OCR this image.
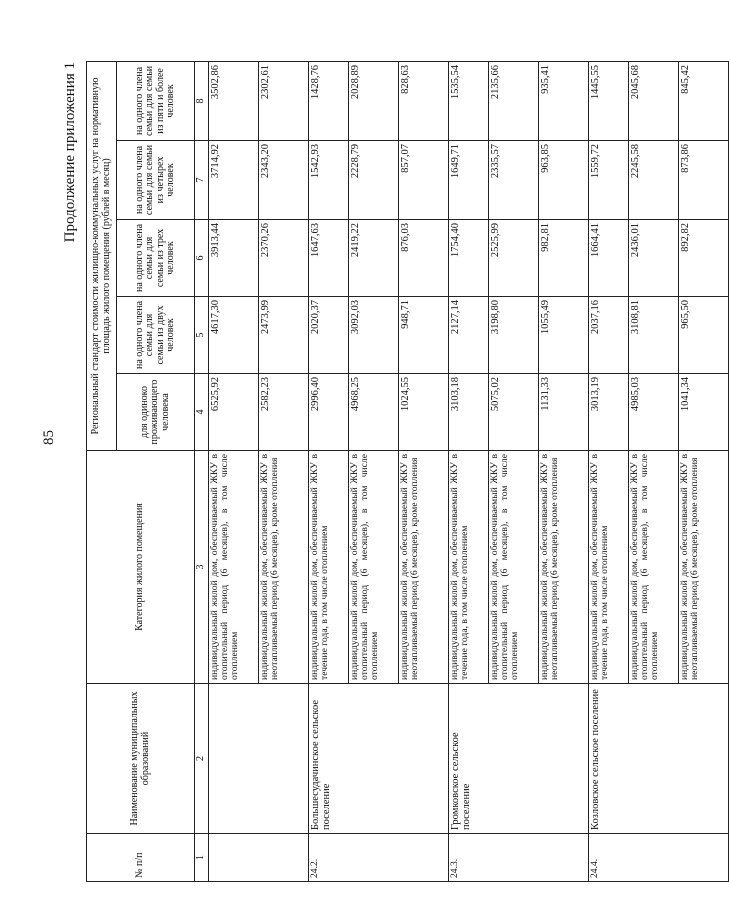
85
Продолжение приложения 1
№ п/п	Наименование муниципальных образований	Категория жилого помещения	Региональный стандарт стоимости жилищно-коммунальных услуг на нормативную площадь жилого помещения (рублей в месяц)				
			для одиноко проживающего человека	на одного члена семьи для семьи из двух человек	на одного члена семьи для семьи из трех человек	на одного члена семьи для семьи из четырех человек	на одного члена семьи для семьи из пяти и более человек

1	2	3	4	5	6	7	8
		индивидуальный жилой дом, обеспечиваемый ЖКУ в отопительный период (6 месяцев), в том числе отоплением	6525,92	4617,30	3913,44	3714,92	3502,86
		индивидуальный жилой дом, обеспечиваемый ЖКУ в неотапливаемый период (6 месяцев), кроме отопления	2582,23	2473,99	2370,26	2343,20	2302,61
24.2.	Большесудачинское сельское поселение	индивидуальный жилой дом, обеспечиваемый ЖКУ в течение года, в том числе отоплением	2996,40	2020,37	1647,63	1542,93	1428,76
		индивидуальный жилой дом, обеспечиваемый ЖКУ в отопительный период (6 месяцев), в том числе отоплением	4968,25	3092,03	2419,22	2228,79	2028,89
		индивидуальный жилой дом, обеспечиваемый ЖКУ в неотапливаемый период (6 месяцев), кроме отопления	1024,55	948,71	876,03	857,07	828,63
24.3.	Громковское сельское поселение	индивидуальный жилой дом, обеспечиваемый ЖКУ в течение года, в том числе отоплением	3103,18	2127,14	1754,40	1649,71	1535,54
		индивидуальный жилой дом, обеспечиваемый ЖКУ в отопительный период (6 месяцев), в том числе отоплением	5075,02	3198,80	2525,99	2335,57	2135,66
		индивидуальный жилой дом, обеспечиваемый ЖКУ в неотапливаемый период (6 месяцев), кроме отопления	1131,33	1055,49	982,81	963,85	935,41
24.4.	Козловское сельское поселение	индивидуальный жилой дом, обеспечиваемый ЖКУ в течение года, в том числе отоплением	3013,19	2037,16	1664,41	1559,72	1445,55
		индивидуальный жилой дом, обеспечиваемый ЖКУ в отопительный период (6 месяцев), в том числе отоплением	4985,03	3108,81	2436,01	2245,58	2045,68
		индивидуальный жилой дом, обеспечиваемый ЖКУ в неотапливаемый период (6 месяцев), кроме отопления	1041,34	965,50	892,82	873,86	845,42
